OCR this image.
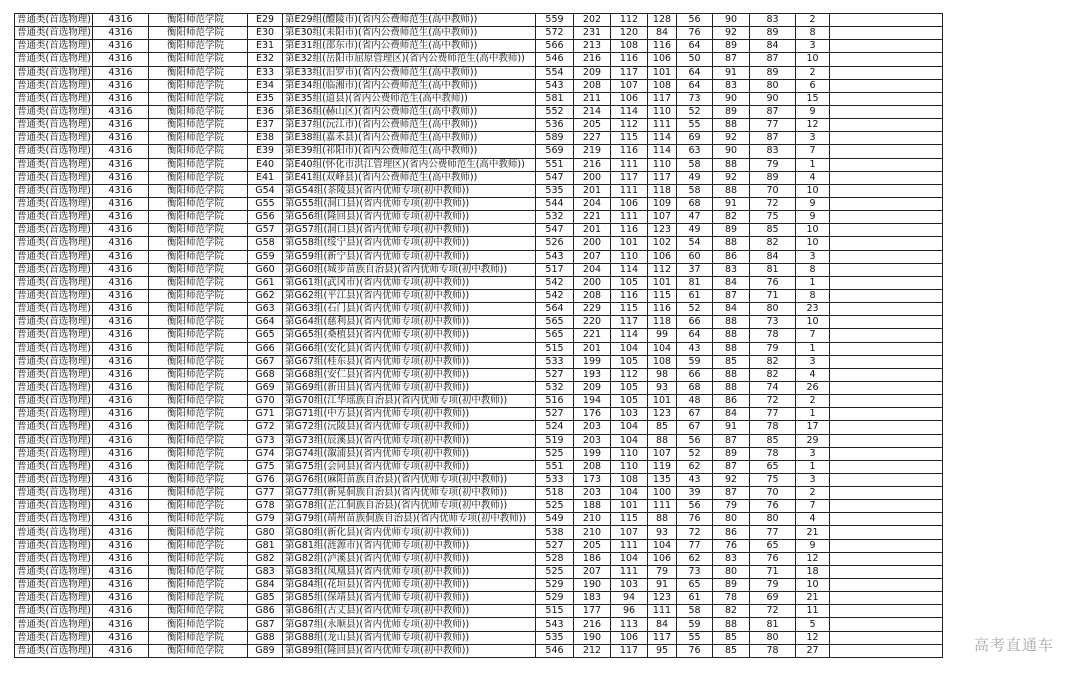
普通类(首选物理)	4316	衡阳师范学院	E29	第E29组(醴陵市)(省内公费师范生(高中教师))	559	202	112	128	56	90	83	2	
普通类(首选物理)	4316	衡阳师范学院	E30	第E30组(耒阳市)(省内公费师范生(高中教师))	572	231	120	84	76	92	89	8	
普通类(首选物理)	4316	衡阳师范学院	E31	第E31组(邵东市)(省内公费师范生(高中教师))	566	213	108	116	64	89	84	3	
普通类(首选物理)	4316	衡阳师范学院	E32	第E32组(岳阳市屈原管理区)(省内公费师范生(高中教师))	546	216	116	106	50	87	87	10	
普通类(首选物理)	4316	衡阳师范学院	E33	第E33组(汨罗市)(省内公费师范生(高中教师))	554	209	117	101	64	91	89	2	
普通类(首选物理)	4316	衡阳师范学院	E34	第E34组(临湘市)(省内公费师范生(高中教师))	543	208	107	108	64	83	80	6	
普通类(首选物理)	4316	衡阳师范学院	E35	第E35组(道县)(省内公费师范生(高中教师))	581	211	106	117	73	90	90	15	
普通类(首选物理)	4316	衡阳师范学院	E36	第E36组(赫山区)(省内公费师范生(高中教师))	552	214	114	110	52	89	87	9	
普通类(首选物理)	4316	衡阳师范学院	E37	第E37组(沅江市)(省内公费师范生(高中教师))	536	205	112	111	55	88	77	12	
普通类(首选物理)	4316	衡阳师范学院	E38	第E38组(嘉禾县)(省内公费师范生(高中教师))	589	227	115	114	69	92	87	3	
普通类(首选物理)	4316	衡阳师范学院	E39	第E39组(祁阳市)(省内公费师范生(高中教师))	569	219	116	114	63	90	83	7	
普通类(首选物理)	4316	衡阳师范学院	E40	第E40组(怀化市洪江管理区)(省内公费师范生(高中教师))	551	216	111	110	58	88	79	1	
普通类(首选物理)	4316	衡阳师范学院	E41	第E41组(双峰县)(省内公费师范生(高中教师))	547	200	117	117	49	92	89	4	
普通类(首选物理)	4316	衡阳师范学院	G54	第G54组(茶陵县)(省内优师专项(初中教师))	535	201	111	118	58	88	70	10	
普通类(首选物理)	4316	衡阳师范学院	G55	第G55组(洞口县)(省内优师专项(初中教师))	544	204	106	109	68	91	72	9	
普通类(首选物理)	4316	衡阳师范学院	G56	第G56组(隆回县)(省内优师专项(初中教师))	532	221	111	107	47	82	75	9	
普通类(首选物理)	4316	衡阳师范学院	G57	第G57组(洞口县)(省内优师专项(初中教师))	547	201	116	123	49	89	85	10	
普通类(首选物理)	4316	衡阳师范学院	G58	第G58组(绥宁县)(省内优师专项(初中教师))	526	200	101	102	54	88	82	10	
普通类(首选物理)	4316	衡阳师范学院	G59	第G59组(新宁县)(省内优师专项(初中教师))	543	207	110	106	60	86	84	3	
普通类(首选物理)	4316	衡阳师范学院	G60	第G60组(城步苗族自治县)(省内优师专项(初中教师))	517	204	114	112	37	83	81	8	
普通类(首选物理)	4316	衡阳师范学院	G61	第G61组(武冈市)(省内优师专项(初中教师))	542	200	105	101	81	84	76	1	
普通类(首选物理)	4316	衡阳师范学院	G62	第G62组(平江县)(省内优师专项(初中教师))	542	208	116	115	61	87	71	8	
普通类(首选物理)	4316	衡阳师范学院	G63	第G63组(石门县)(省内优师专项(初中教师))	564	229	115	116	52	84	80	23	
普通类(首选物理)	4316	衡阳师范学院	G64	第G64组(慈利县)(省内优师专项(初中教师))	565	220	117	118	66	88	73	10	
普通类(首选物理)	4316	衡阳师范学院	G65	第G65组(桑植县)(省内优师专项(初中教师))	565	221	114	99	64	88	78	7	
普通类(首选物理)	4316	衡阳师范学院	G66	第G66组(安化县)(省内优师专项(初中教师))	515	201	104	104	43	88	79	1	
普通类(首选物理)	4316	衡阳师范学院	G67	第G67组(桂东县)(省内优师专项(初中教师))	533	199	105	108	59	85	82	3	
普通类(首选物理)	4316	衡阳师范学院	G68	第G68组(安仁县)(省内优师专项(初中教师))	527	193	112	98	66	88	82	4	
普通类(首选物理)	4316	衡阳师范学院	G69	第G69组(新田县)(省内优师专项(初中教师))	532	209	105	93	68	88	74	26	
普通类(首选物理)	4316	衡阳师范学院	G70	第G70组(江华瑶族自治县)(省内优师专项(初中教师))	516	194	105	101	48	86	72	2	
普通类(首选物理)	4316	衡阳师范学院	G71	第G71组(中方县)(省内优师专项(初中教师))	527	176	103	123	67	84	77	1	
普通类(首选物理)	4316	衡阳师范学院	G72	第G72组(沅陵县)(省内优师专项(初中教师))	524	203	104	85	67	91	78	17	
普通类(首选物理)	4316	衡阳师范学院	G73	第G73组(辰溪县)(省内优师专项(初中教师))	519	203	104	88	56	87	85	29	
普通类(首选物理)	4316	衡阳师范学院	G74	第G74组(溆浦县)(省内优师专项(初中教师))	525	199	110	107	52	89	78	3	
普通类(首选物理)	4316	衡阳师范学院	G75	第G75组(会同县)(省内优师专项(初中教师))	551	208	110	119	62	87	65	1	
普通类(首选物理)	4316	衡阳师范学院	G76	第G76组(麻阳苗族自治县)(省内优师专项(初中教师))	533	173	108	135	43	92	75	3	
普通类(首选物理)	4316	衡阳师范学院	G77	第G77组(新晃侗族自治县)(省内优师专项(初中教师))	518	203	104	100	39	87	70	2	
普通类(首选物理)	4316	衡阳师范学院	G78	第G78组(芷江侗族自治县)(省内优师专项(初中教师))	525	188	101	111	56	79	76	7	
普通类(首选物理)	4316	衡阳师范学院	G79	第G79组(靖州苗族侗族自治县)(省内优师专项(初中教师))	549	210	115	88	76	80	80	4	
普通类(首选物理)	4316	衡阳师范学院	G80	第G80组(新化县)(省内优师专项(初中教师))	538	210	107	93	72	86	77	21	
普通类(首选物理)	4316	衡阳师范学院	G81	第G81组(涟源市)(省内优师专项(初中教师))	527	205	111	104	77	76	65	9	
普通类(首选物理)	4316	衡阳师范学院	G82	第G82组(泸溪县)(省内优师专项(初中教师))	528	186	104	106	62	83	76	12	
普通类(首选物理)	4316	衡阳师范学院	G83	第G83组(凤凰县)(省内优师专项(初中教师))	525	207	111	79	73	80	71	18	
普通类(首选物理)	4316	衡阳师范学院	G84	第G84组(花垣县)(省内优师专项(初中教师))	529	190	103	91	65	89	79	10	
普通类(首选物理)	4316	衡阳师范学院	G85	第G85组(保靖县)(省内优师专项(初中教师))	529	183	94	123	61	78	69	21	
普通类(首选物理)	4316	衡阳师范学院	G86	第G86组(古丈县)(省内优师专项(初中教师))	515	177	96	111	58	82	72	11	
普通类(首选物理)	4316	衡阳师范学院	G87	第G87组(永顺县)(省内优师专项(初中教师))	543	216	113	84	59	88	81	5	
普通类(首选物理)	4316	衡阳师范学院	G88	第G88组(龙山县)(省内优师专项(初中教师))	535	190	106	117	55	85	80	12	
普通类(首选物理)	4316	衡阳师范学院	G89	第G89组(隆回县)(省内优师专项(初中教师))	546	212	117	95	76	85	78	27		高考直通车
